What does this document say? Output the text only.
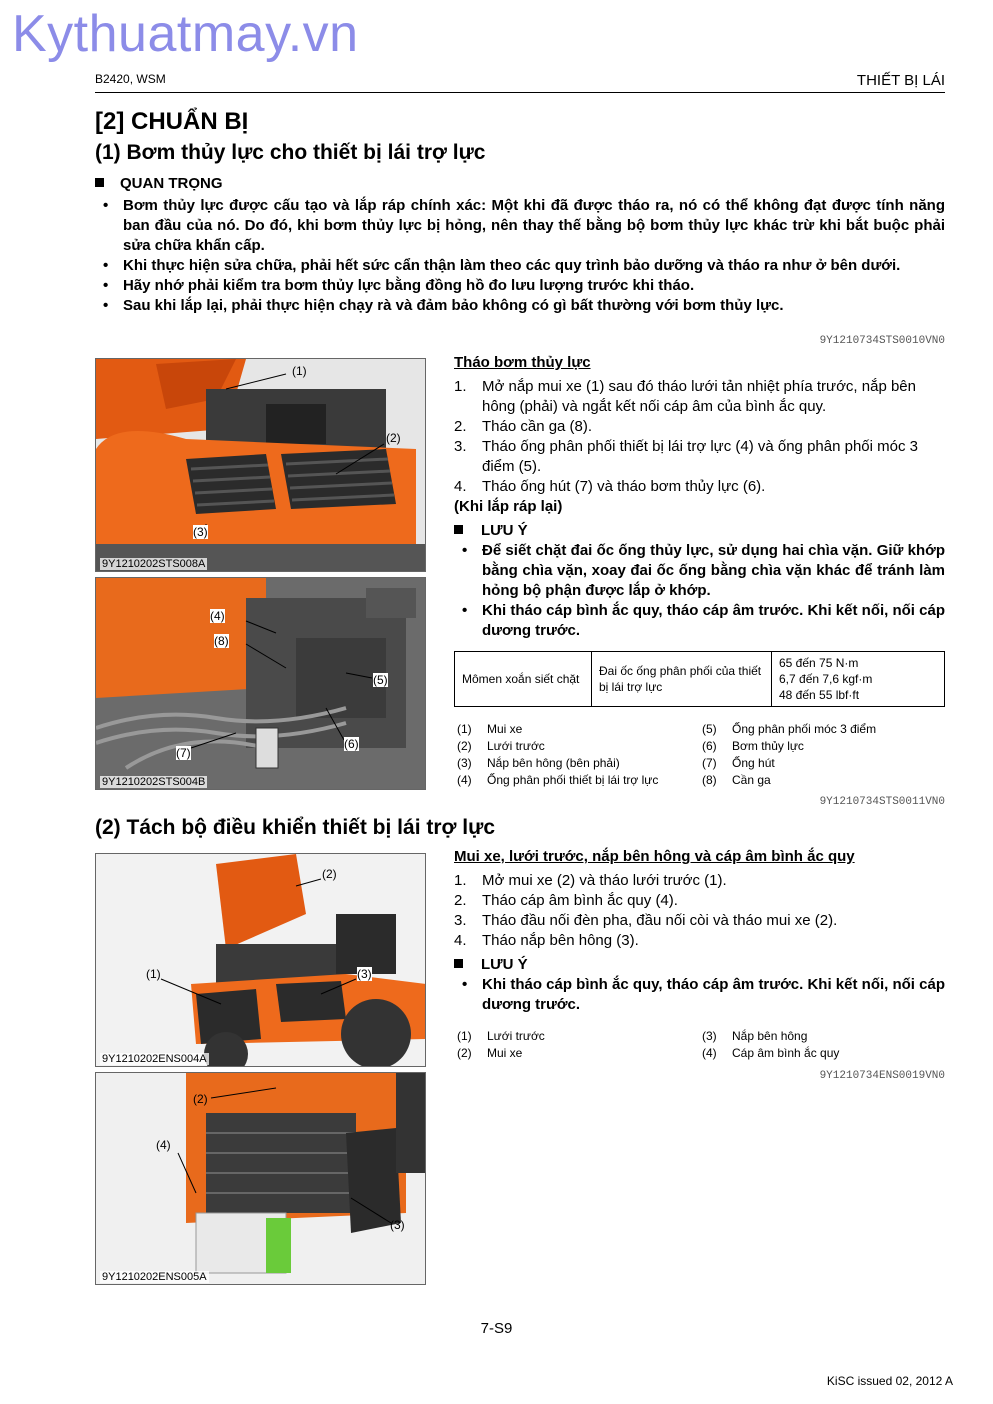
Kythuatmay.vn
B2420, WSM	THIẾT BỊ LÁI
[2] CHUẨN BỊ
(1) Bơm thủy lực cho thiết bị lái trợ lực
QUAN TRỌNG
• Bơm thủy lực được cấu tạo và lắp ráp chính xác: Một khi đã được tháo ra, nó có thể không đạt được tính năng ban đầu của nó. Do đó, khi bơm thủy lực bị hỏng, nên thay thế bằng bộ bơm thủy lực khác trừ khi bắt buộc phải sửa chữa khẩn cấp.
• Khi thực hiện sửa chữa, phải hết sức cẩn thận làm theo các quy trình bảo dưỡng và tháo ra như ở bên dưới.
• Hãy nhớ phải kiểm tra bơm thủy lực bằng đồng hồ đo lưu lượng trước khi tháo.
• Sau khi lắp lại, phải thực hiện chạy rà và đảm bảo không có gì bất thường với bơm thủy lực.
9Y1210734STS0010VN0
(1)
(2)
(3)
9Y1210202STS008A
(4)
(8)
(5)
(6)
(7)
9Y1210202STS004B
Tháo bơm thủy lực
1. Mở nắp mui xe (1) sau đó tháo lưới tản nhiệt phía trước, nắp bên hông (phải) và ngắt kết nối cáp âm của bình ắc quy.
2. Tháo cần ga (8).
3. Tháo ống phân phối thiết bị lái trợ lực (4) và ống phân phối móc 3 điểm (5).
4. Tháo ống hút (7) và tháo bơm thủy lực (6).
(Khi lắp ráp lại)
LƯU Ý
• Để siết chặt đai ốc ống thủy lực, sử dụng hai chìa vặn. Giữ khớp bằng chìa vặn, xoay đai ốc ống bằng chìa vặn khác để tránh làm hỏng bộ phận được lắp ở khớp.
• Khi tháo cáp bình ắc quy, tháo cáp âm trước. Khi kết nối, nối cáp dương trước.
Mômen xoắn siết chặt	Đai ốc ống phân phối của thiết bị lái trợ lực	
65 đến 75 N·m
6,7 đến 7,6 kgf·m
48 đến 55 lbf·ft
(1) Mui xe
(2) Lưới trước
(3) Nắp bên hông (bên phải)
(4) Ống phân phối thiết bị lái trợ lực
(5) Ống phân phối móc 3 điểm
(6) Bơm thủy lực
(7) Ống hút
(8) Cần ga
9Y1210734STS0011VN0
(2) Tách bộ điều khiển thiết bị lái trợ lực
(2)
(1)	(3)
9Y1210202ENS004A
(2)
(4)
(3)
9Y1210202ENS005A
Mui xe, lưới trước, nắp bên hông và cáp âm bình ắc quy
1. Mở mui xe (2) và tháo lưới trước (1).
2. Tháo cáp âm bình ắc quy (4).
3. Tháo đầu nối đèn pha, đầu nối còi và tháo mui xe (2).
4. Tháo nắp bên hông (3).
LƯU Ý
• Khi tháo cáp bình ắc quy, tháo cáp âm trước. Khi kết nối, nối cáp dương trước.
(1) Lưới trước
(2) Mui xe
(3) Nắp bên hông
(4) Cáp âm bình ắc quy
9Y1210734ENS0019VN0
7-S9
KiSC issued 02, 2012 A
